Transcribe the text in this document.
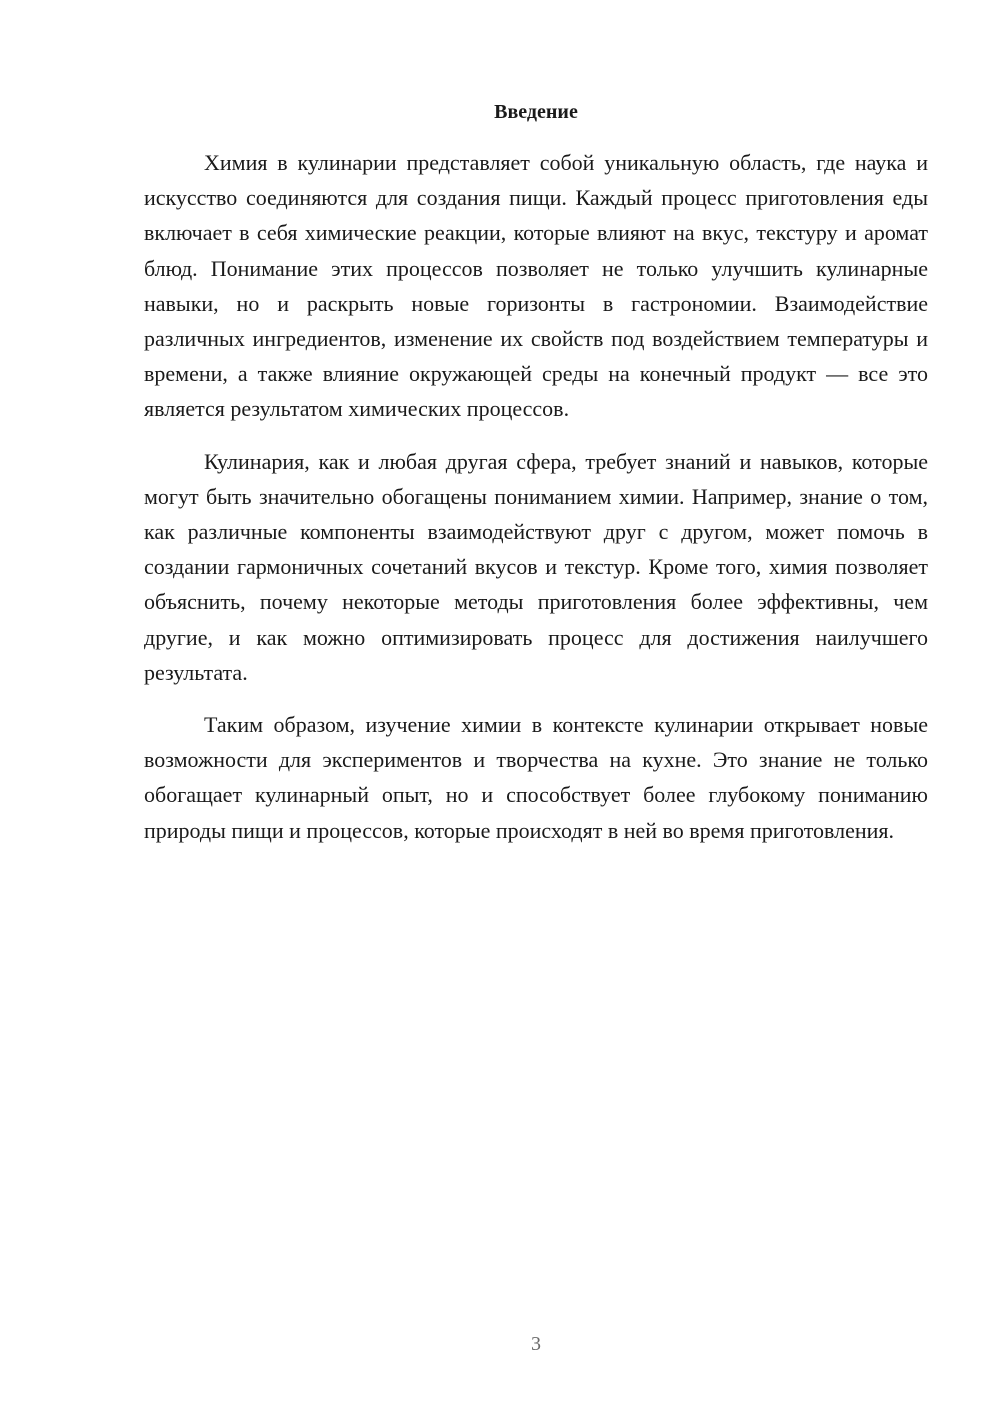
Введение

Химия в кулинарии представляет собой уникальную область, где наука и искусство соединяются для создания пищи. Каждый процесс приготовления еды включает в себя химические реакции, которые влияют на вкус, текстуру и аромат блюд. Понимание этих процессов позволяет не только улучшить кулинарные навыки, но и раскрыть новые горизонты в гастрономии. Взаимодействие различных ингредиентов, изменение их свойств под воздействием температуры и времени, а также влияние окружающей среды на конечный продукт — все это является результатом химических процессов.

Кулинария, как и любая другая сфера, требует знаний и навыков, которые могут быть значительно обогащены пониманием химии. Например, знание о том, как различные компоненты взаимодействуют друг с другом, может помочь в создании гармоничных сочетаний вкусов и текстур. Кроме того, химия позволяет объяснить, почему некоторые методы приготовления более эффективны, чем другие, и как можно оптимизировать процесс для достижения наилучшего результата.

Таким образом, изучение химии в контексте кулинарии открывает новые возможности для экспериментов и творчества на кухне. Это знание не только обогащает кулинарный опыт, но и способствует более глубокому пониманию природы пищи и процессов, которые происходят в ней во время приготовления.

3
